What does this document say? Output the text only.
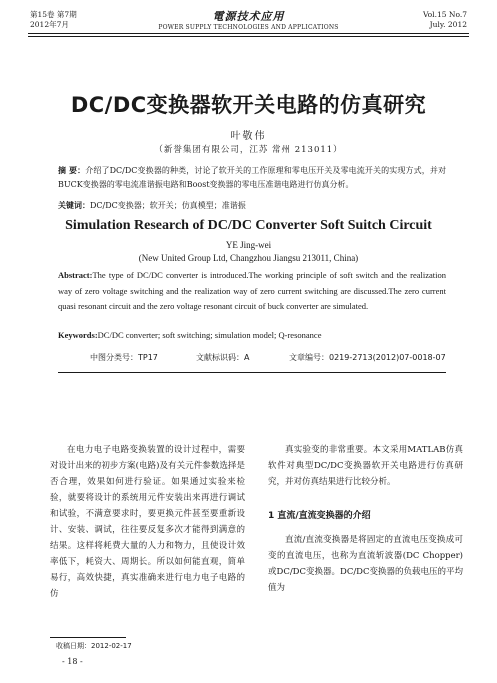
第15卷 第7期
2012年7月
電源技术应用
POWER SUPPLY TECHNOLOGIES AND APPLICATIONS
Vol.15 No.7
July. 2012
DC/DC变换器软开关电路的仿真研究
叶敬伟
（新誉集团有限公司，江苏 常州 213011）
摘 要：介绍了DC/DC变换器的种类，讨论了软开关的工作原理和零电压开关及零电流开关的实现方式，并对BUCK变换器的零电流准谐振电路和Boost变换器的零电压准谐电路进行仿真分析。
关键词：DC/DC变换器；软开关；仿真模型；准谐振
Simulation Research of DC/DC Converter Soft Suitch Circuit
YE Jing-wei
(New United Group Ltd, Changzhou Jiangsu 213011, China)
Abstract:The type of DC/DC converter is introduced.The working principle of soft switch and the realization way of zero voltage switching and the realization way of zero current switching are discussed.The zero current quasi resonant circuit and the zero voltage resonant circuit of buck converter are simulated.
Keywords:DC/DC converter; soft switching; simulation model; Q-resonance
中图分类号：TP17	文献标识码：A	文章编号：0219-2713(2012)07-0018-07
在电力电子电路变换装置的设计过程中，需要对设计出来的初步方案(电路)及有关元件参数选择是否合理，效果如何进行验证。如果通过实验来检验，就要将设计的系统用元件安装出来再进行调试和试验，不满意要求时，要更换元件甚至要重新设计、安装、调试，往往要反复多次才能得到满意的结果。这样将耗费大量的人力和物力，且使设计效率低下，耗资大、周期长。所以如何能直观，简单易行，高效快捷，真实准确来进行电力电子电路的仿
真实验变的非常重要。本文采用MATLAB仿真软件对典型DC/DC变换器软开关电路进行仿真研究，并对仿真结果进行比较分析。
1 直流/直流变换器的介绍
直流/直流变换器是将固定的直流电压变换成可变的直流电压，也称为直流斩波器(DC Chopper)或DC/DC变换器。DC/DC变换器的负载电压的平均值为
收稿日期：2012-02-17
- 18 -
